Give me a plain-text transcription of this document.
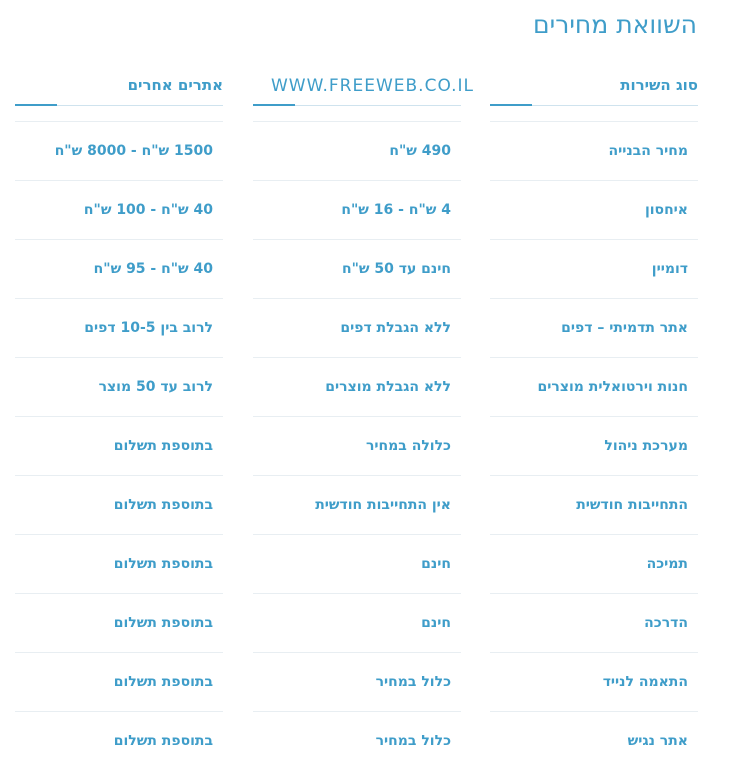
השוואת מחירים
סוג השירות
מחיר הבנייה
איחסון
דומיין
אתר תדמיתי – דפים
חנות וירטואלית מוצרים
מערכת ניהול
התחייבות חודשית
תמיכה
הדרכה
התאמה לנייד
אתר נגיש
WWW.FREEWEB.CO.IL
490 ש"ח
4 ש"ח - 16 ש"ח
חינם עד 50 ש"ח
ללא הגבלת דפים
ללא הגבלת מוצרים
כלולה במחיר
אין התחייבות חודשית
חינם
חינם
כלול במחיר
כלול במחיר
אתרים אחרים
1500 ש"ח - 8000 ש"ח
40 ש"ח - 100 ש"ח
40 ש"ח - 95 ש"ח
לרוב בין 10-5 דפים
לרוב עד 50 מוצר
בתוספת תשלום
בתוספת תשלום
בתוספת תשלום
בתוספת תשלום
בתוספת תשלום
בתוספת תשלום
